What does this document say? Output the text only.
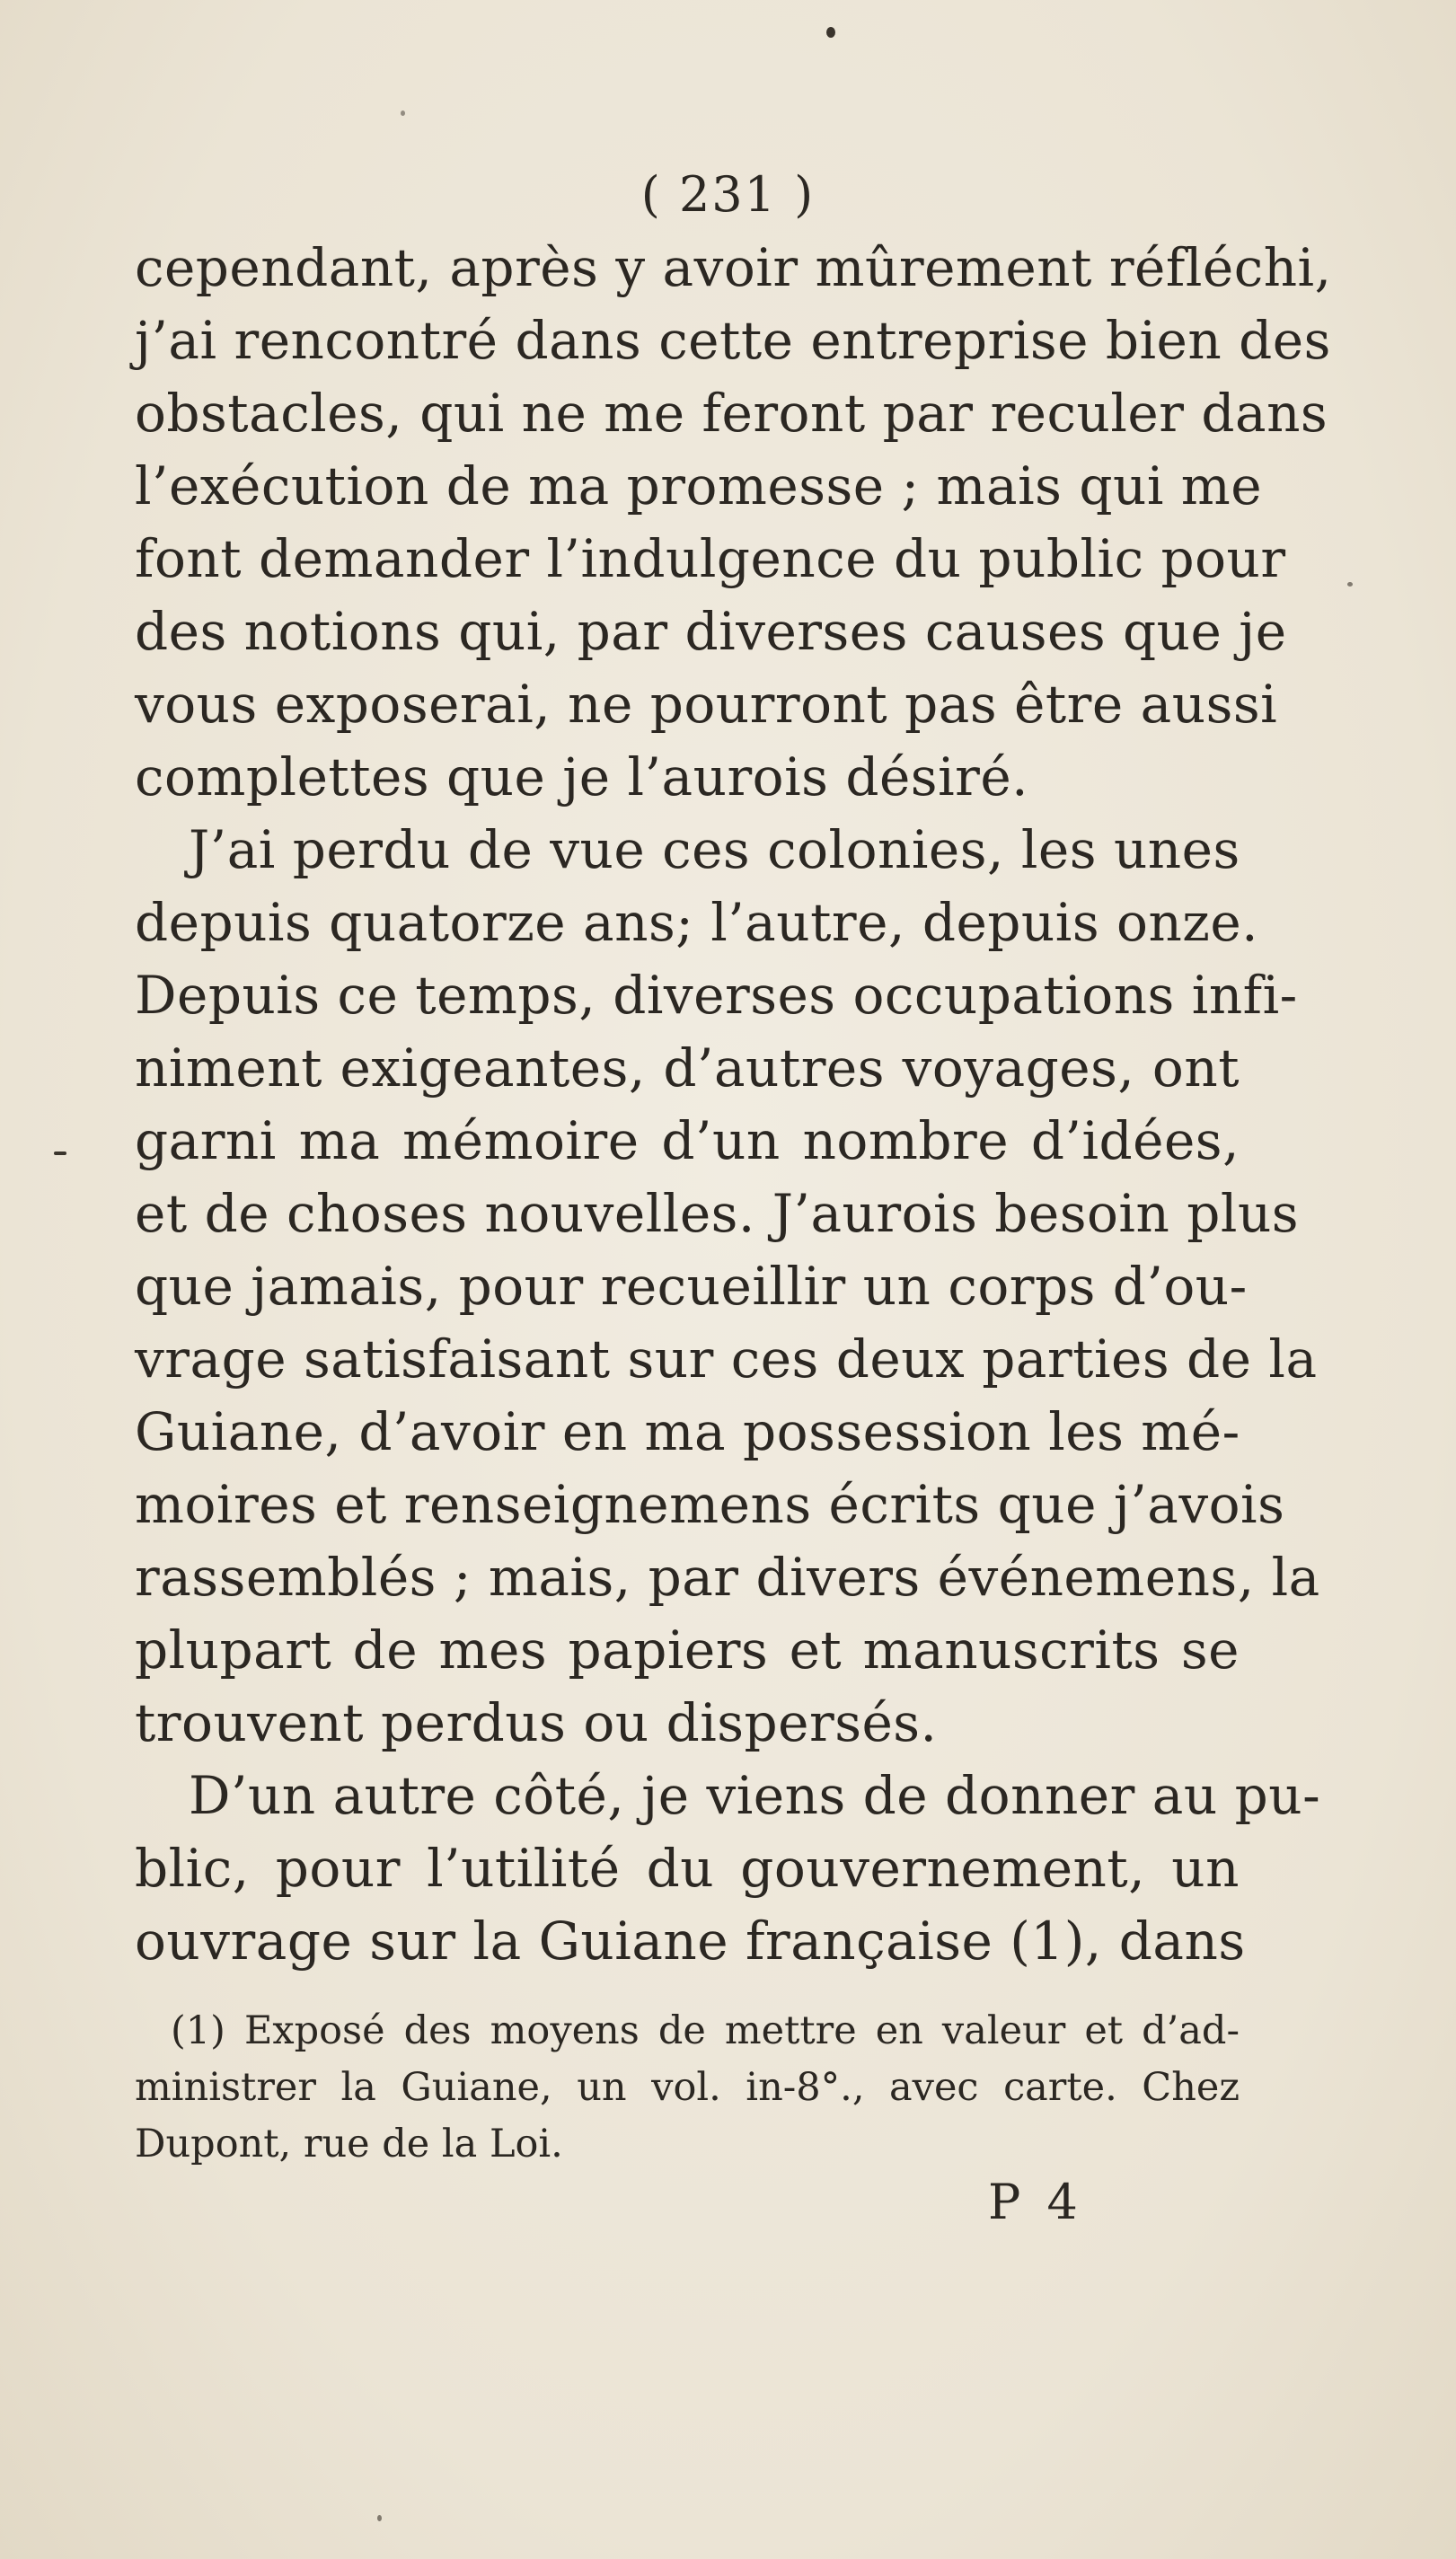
( 231 )
cependant, après y avoir mûrement réfléchi,
j’ai rencontré dans cette entreprise bien des
obstacles, qui ne me feront par reculer dans
l’exécution de ma promesse ; mais qui me
font demander l’indulgence du public pour
des notions qui, par diverses causes que je
vous exposerai, ne pourront pas être aussi
complettes que je l’aurois désiré.
J’ai perdu de vue ces colonies, les unes
depuis quatorze ans; l’autre, depuis onze.
Depuis ce temps, diverses occupations infi-
niment exigeantes, d’autres voyages, ont
garni ma mémoire d’un nombre d’idées,
et de choses nouvelles. J’aurois besoin plus
que jamais, pour recueillir un corps d’ou-
vrage satisfaisant sur ces deux parties de la
Guiane, d’avoir en ma possession les mé-
moires et renseignemens écrits que j’avois
rassemblés ; mais, par divers événemens, la
plupart de mes papiers et manuscrits se
trouvent perdus ou dispersés.
D’un autre côté, je viens de donner au pu-
blic, pour l’utilité du gouvernement, un
ouvrage sur la Guiane française (1), dans
(1) Exposé des moyens de mettre en valeur et d’ad-
ministrer la Guiane, un vol. in-8°., avec carte. Chez
Dupont, rue de la Loi.
P 4
